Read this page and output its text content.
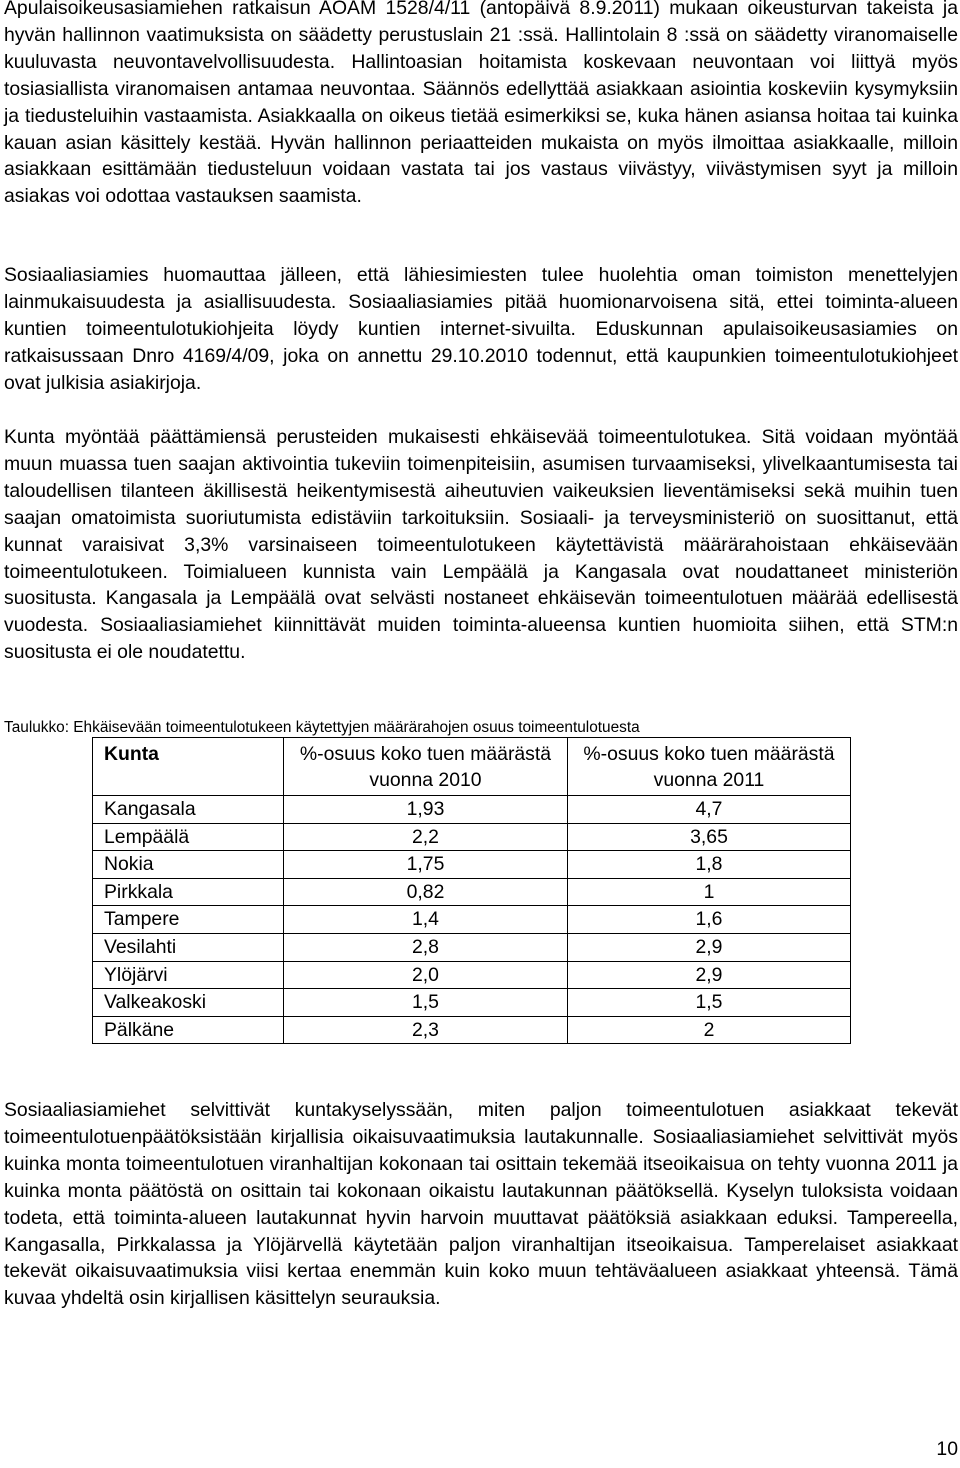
Apulaisoikeusasiamiehen ratkaisun AOAM 1528/4/11 (antopäivä 8.9.2011) mukaan oikeusturvan takeista ja hyvän hallinnon vaatimuksista on säädetty perustuslain 21 :ssä. Hallintolain 8 :ssä on säädetty viranomaiselle kuuluvasta neuvontavelvollisuudesta. Hallintoasian hoitamista koskevaan neuvontaan voi liittyä myös tosiasiallista viranomaisen antamaa neuvontaa. Säännös edellyttää asiakkaan asiointia koskeviin kysymyksiin ja tiedusteluihin vastaamista. Asiakkaalla on oikeus tietää esimerkiksi se, kuka hänen asiansa hoitaa tai kuinka kauan asian käsittely kestää. Hyvän hallinnon periaatteiden mukaista on myös ilmoittaa asiakkaalle, milloin asiakkaan esittämään tiedusteluun voidaan vastata tai jos vastaus viivästyy, viivästymisen syyt ja milloin asiakas voi odottaa vastauksen saamista.

Sosiaaliasiamies huomauttaa jälleen, että lähiesimiesten tulee huolehtia oman toimiston menettelyjen lainmukaisuudesta ja asiallisuudesta. Sosiaaliasiamies pitää huomionarvoisena sitä, ettei toiminta-alueen kuntien toimeentulotukiohjeita löydy kuntien internet-sivuilta. Eduskunnan apulaisoikeusasiamies on ratkaisussaan Dnro 4169/4/09, joka on annettu 29.10.2010 todennut, että kaupunkien toimeentulotukiohjeet ovat julkisia asiakirjoja.

Kunta myöntää päättämiensä perusteiden mukaisesti ehkäisevää toimeentulotukea. Sitä voidaan myöntää muun muassa tuen saajan aktivointia tukeviin toimenpiteisiin, asumisen turvaamiseksi, ylivelkaantumisesta tai taloudellisen tilanteen äkillisestä heikentymisestä aiheutuvien vaikeuksien lieventämiseksi sekä muihin tuen saajan omatoimista suoriutumista edistäviin tarkoituksiin. Sosiaali- ja terveysministeriö on suosittanut, että kunnat varaisivat 3,3% varsinaiseen toimeentulotukeen käytettävistä määrärahoistaan ehkäisevään toimeentulotukeen. Toimialueen kunnista vain Lempäälä ja Kangasala ovat noudattaneet ministeriön suositusta. Kangasala ja Lempäälä ovat selvästi nostaneet ehkäisevän toimeentulotuen määrää edellisestä vuodesta. Sosiaaliasiamiehet kiinnittävät muiden toiminta-alueensa kuntien huomioita siihen, että STM:n suositusta ei ole noudatettu.

Taulukko: Ehkäisevään toimeentulotukeen käytettyjen määrärahojen osuus toimeentulotuesta

Kunta	%-osuus koko tuen määrästä vuonna 2010	%-osuus koko tuen määrästä vuonna 2011
Kangasala	1,93	4,7
Lempäälä	2,2	3,65
Nokia	1,75	1,8
Pirkkala	0,82	1
Tampere	1,4	1,6
Vesilahti	2,8	2,9
Ylöjärvi	2,0	2,9
Valkeakoski	1,5	1,5
Pälkäne	2,3	2

Sosiaaliasiamiehet selvittivät kuntakyselyssään, miten paljon toimeentulotuen asiakkaat tekevät toimeentulotuenpäätöksistään kirjallisia oikaisuvaatimuksia lautakunnalle. Sosiaaliasiamiehet selvittivät myös kuinka monta toimeentulotuen viranhaltijan kokonaan tai osittain tekemää itseoikaisua on tehty vuonna 2011 ja kuinka monta päätöstä on osittain tai kokonaan oikaistu lautakunnan päätöksellä. Kyselyn tuloksista voidaan todeta, että toiminta-alueen lautakunnat hyvin harvoin muuttavat päätöksiä asiakkaan eduksi. Tampereella, Kangasalla, Pirkkalassa ja Ylöjärvellä käytetään paljon viranhaltijan itseoikaisua. Tamperelaiset asiakkaat tekevät oikaisuvaatimuksia viisi kertaa enemmän kuin koko muun tehtäväalueen asiakkaat yhteensä. Tämä kuvaa yhdeltä osin kirjallisen käsittelyn seurauksia.

10
